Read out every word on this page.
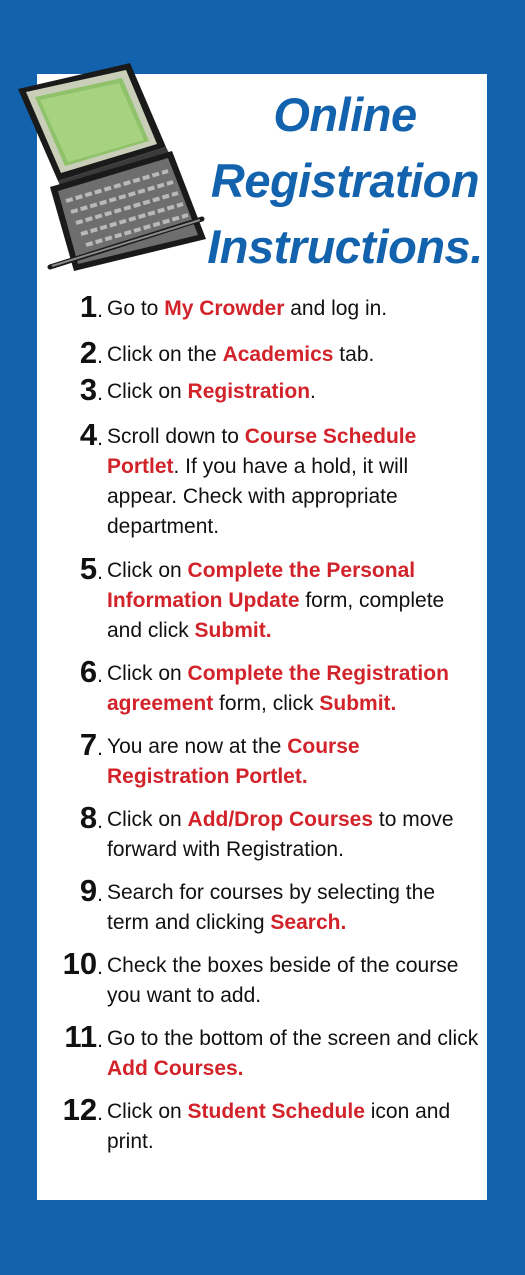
Online
Registration
Instructions.
1. Go to My Crowder and log in.
2. Click on the Academics tab.
3. Click on Registration.
4. Scroll down to Course Schedule Portlet. If you have a hold, it will appear. Check with appropriate department.
5. Click on Complete the Personal Information Update form, complete and click Submit.
6. Click on Complete the Registration agreement form, click Submit.
7. You are now at the Course Registration Portlet.
8. Click on Add/Drop Courses to move forward with Registration.
9. Search for courses by selecting the term and clicking Search.
10. Check the boxes beside of the course you want to add.
11. Go to the bottom of the screen and click Add Courses.
12. Click on Student Schedule icon and print.
